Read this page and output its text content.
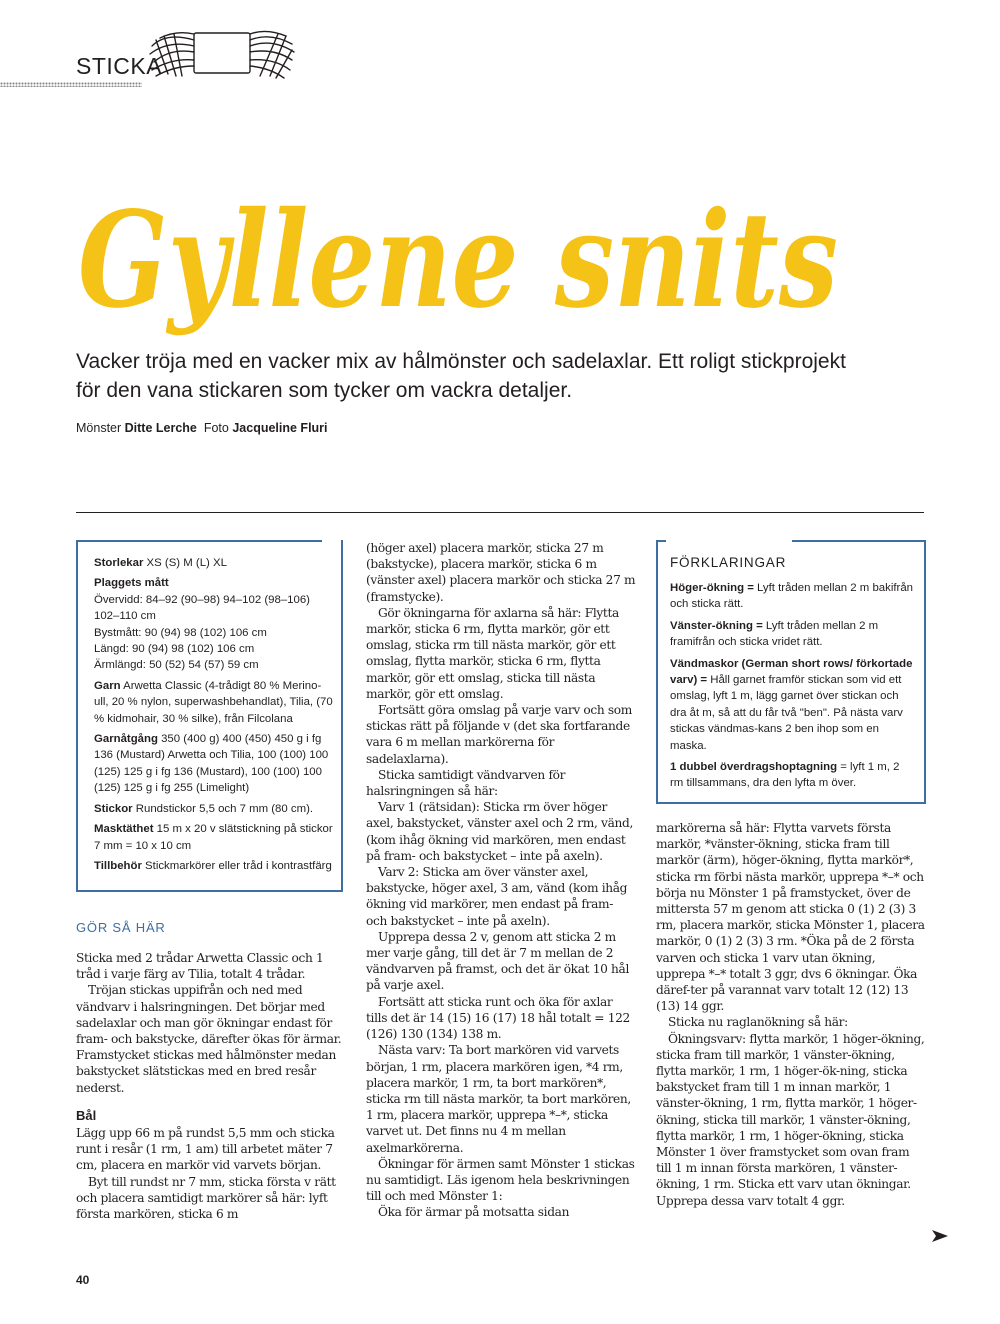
STICKA
Gyllene snits
Vacker tröja med en vacker mix av hålmönster och sadelaxlar. Ett roligt stickprojekt för den vana stickaren som tycker om vackra detaljer.
Mönster Ditte Lerche Foto Jacqueline Fluri
Storlekar XS (S) M (L) XL
Plaggets mått
Övervidd: 84–92 (90–98) 94–102 (98–106) 102–110 cm
Bystmått: 90 (94) 98 (102) 106 cm
Längd: 90 (94) 98 (102) 106 cm
Ärmlängd: 50 (52) 54 (57) 59 cm
Garn Arwetta Classic (4-trådigt 80 % Merino-ull, 20 % nylon, superwashbehandlat), Tilia, (70 % kidmohair, 30 % silke), från Filcolana
Garnåtgång 350 (400 g) 400 (450) 450 g i fg 136 (Mustard) Arwetta och Tilia, 100 (100) 100 (125) 125 g i fg 136 (Mustard), 100 (100) 100 (125) 125 g i fg 255 (Limelight)
Stickor Rundstickor 5,5 och 7 mm (80 cm).
Masktäthet 15 m x 20 v slätstickning på stickor 7 mm = 10 x 10 cm
Tillbehör Stickmarkörer eller tråd i kontrastfärg
GÖR SÅ HÄR

Sticka med 2 trådar Arwetta Classic och 1 tråd i varje färg av Tilia, totalt 4 trådar.

Tröjan stickas uppifrån och ned med vändvarv i halsringningen. Det börjar med sadelaxlar och man gör ökningar endast för fram- och bakstycke, därefter ökas för ärmar. Framstycket stickas med hålmönster medan bakstycket slätstickas med en bred resår nederst.

Bål

Lägg upp 66 m på rundst 5,5 mm och sticka runt i resår (1 rm, 1 am) till arbetet mäter 7 cm, placera en markör vid varvets början.

Byt till rundst nr 7 mm, sticka första v rätt och placera samtidigt markörer så här: lyft första markören, sticka 6 m

(höger axel) placera markör, sticka 27 m (bakstycke), placera markör, sticka 6 m (vänster axel) placera markör och sticka 27 m (framstycke).

Gör ökningarna för axlarna så här: Flytta markör, sticka 6 rm, flytta markör, gör ett omslag, sticka rm till nästa markör, gör ett omslag, flytta markör, sticka 6 rm, flytta markör, gör ett omslag, sticka till nästa markör, gör ett omslag.

Fortsätt göra omslag på varje varv och som stickas rätt på följande v (det ska fortfarande vara 6 m mellan markörerna för sadelaxlarna).

Sticka samtidigt vändvarven för halsringningen så här:

Varv 1 (rätsidan): Sticka rm över höger axel, bakstycket, vänster axel och 2 rm, vänd, (kom ihåg ökning vid markören, men endast på fram- och bakstycket – inte på axeln).

Varv 2: Sticka am över vänster axel, bakstycke, höger axel, 3 am, vänd (kom ihåg ökning vid markörer, men endast på fram- och bakstycket – inte på axeln).

Upprepa dessa 2 v, genom att sticka 2 m mer varje gång, till det är 7 m mellan de 2 vändvarven på framst, och det är ökat 10 hål på varje axel.

Fortsätt att sticka runt och öka för axlar tills det är 14 (15) 16 (17) 18 hål totalt = 122 (126) 130 (134) 138 m.

Nästa varv: Ta bort markören vid varvets början, 1 rm, placera markören igen, *4 rm, placera markör, 1 rm, ta bort markören*, sticka rm till nästa markör, ta bort markören, 1 rm, placera markör, upprepa *–*, sticka varvet ut. Det finns nu 4 m mellan axelmarkörerna.

Ökningar för ärmen samt Mönster 1 stickas nu samtidigt. Läs igenom hela beskrivningen till och med Mönster 1:

Öka för ärmar på motsatta sidan

FÖRKLARINGAR
Höger-ökning = Lyft tråden mellan 2 m bakifrån och sticka rätt.
Vänster-ökning = Lyft tråden mellan 2 m framifrån och sticka vridet rätt.
Vändmaskor (German short rows/ förkortade varv) = Håll garnet framför stickan som vid ett omslag, lyft 1 m, lägg garnet över stickan och dra åt m, så att du får två "ben". På nästa varv stickas vändmas-kans 2 ben ihop som en maska.
1 dubbel överdragshoptagning = lyft 1 m, 2 rm tillsammans, dra den lyfta m över.

markörerna så här: Flytta varvets första markör, *vänster-ökning, sticka fram till markör (ärm), höger-ökning, flytta markör*, sticka rm förbi nästa markör, upprepa *–* och börja nu Mönster 1 på framstycket, över de mittersta 57 m genom att sticka 0 (1) 2 (3) 3 rm, placera markör, sticka Mönster 1, placera markör, 0 (1) 2 (3) 3 rm. *Öka på de 2 första varven och sticka 1 varv utan ökning, upprepa *–* totalt 3 ggr, dvs 6 ökningar. Öka däref-ter på varannat varv totalt 12 (12) 13 (13) 14 ggr.

Sticka nu raglanökning så här:

Ökningsvarv: flytta markör, 1 höger-ökning, sticka fram till markör, 1 vänster-ökning, flytta markör, 1 rm, 1 höger-ök-ning, sticka bakstycket fram till 1 m innan markör, 1 vänster-ökning, 1 rm, flytta markör, 1 höger-ökning, sticka till markör, 1 vänster-ökning, flytta markör, 1 rm, 1 höger-ökning, sticka Mönster 1 över framstycket som ovan fram till 1 m innan första markören, 1 vänster-ökning, 1 rm. Sticka ett varv utan ökningar. Upprepa dessa varv totalt 4 ggr.

40
